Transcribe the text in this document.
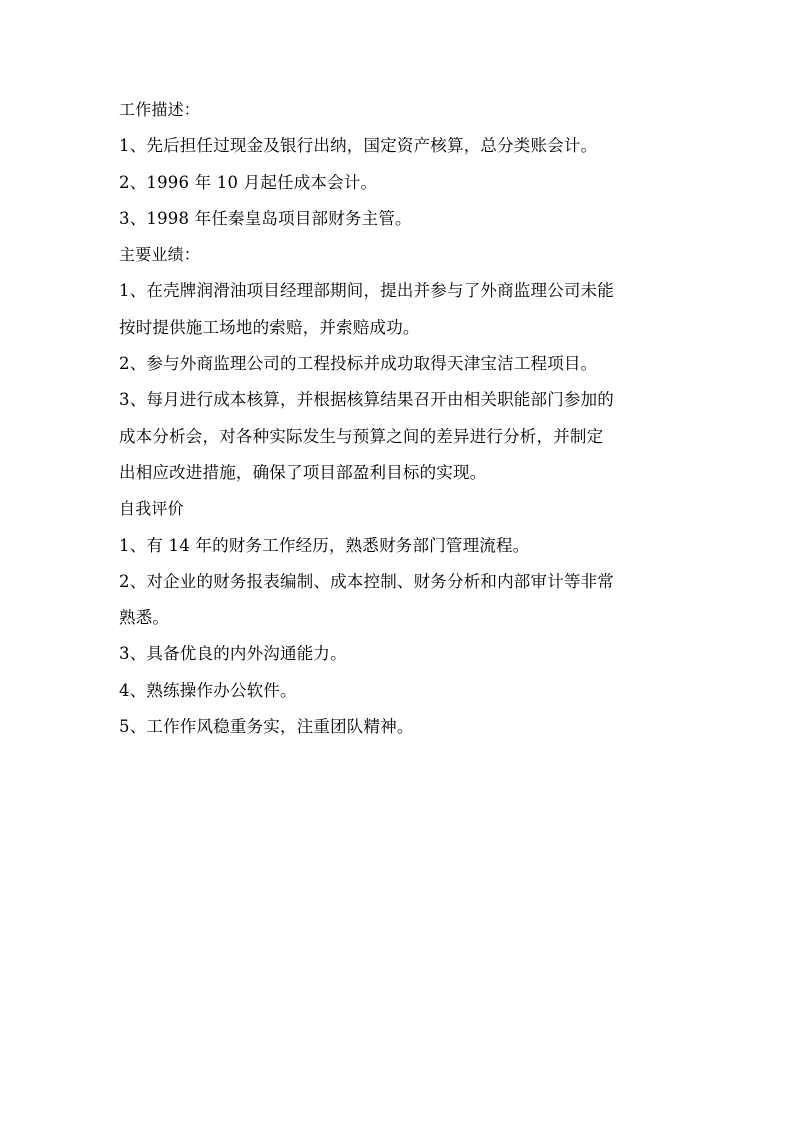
工作描述：
1、先后担任过现金及银行出纳，国定资产核算，总分类账会计。
2、1996 年 10 月起任成本会计。
3、1998 年任秦皇岛项目部财务主管。
主要业绩：
1、在壳牌润滑油项目经理部期间，提出并参与了外商监理公司未能
按时提供施工场地的索赔，并索赔成功。
2、参与外商监理公司的工程投标并成功取得天津宝洁工程项目。
3、每月进行成本核算，并根据核算结果召开由相关职能部门参加的
成本分析会，对各种实际发生与预算之间的差异进行分析，并制定
出相应改进措施，确保了项目部盈利目标的实现。
自我评价
1、有 14 年的财务工作经历，熟悉财务部门管理流程。
2、对企业的财务报表编制、成本控制、财务分析和内部审计等非常
熟悉。
3、具备优良的内外沟通能力。
4、熟练操作办公软件。
5、工作作风稳重务实，注重团队精神。
